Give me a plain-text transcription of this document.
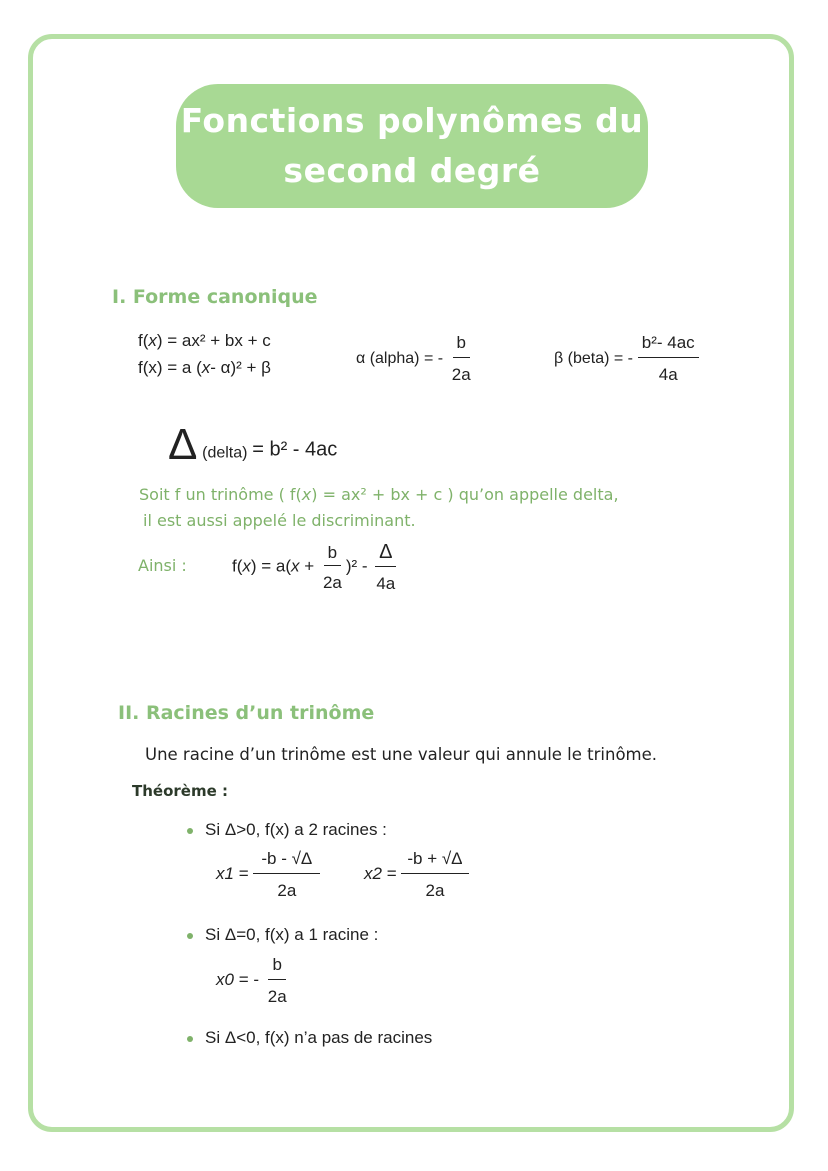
Fonctions polynômes du
second degré
I. Forme canonique
f(x) = ax² + bx + c
f(x) = a (x- α)² + β	α (alpha) = - $\frac{b}{2a}$	β (beta) = - $\frac{\text{b²- 4ac}}{4a}$
Δ (delta) = b² - 4ac
Soit f un trinôme ( f(x) = ax² + bx + c ) qu’on appelle delta,
il est aussi appelé le discriminant.
Ainsi :	$f(x) = a(x + \frac{b}{2a} )^2 - \frac{\Delta}{4a}$
II. Racines d’un trinôme
Une racine d’un trinôme est une valeur qui annule le trinôme.
Théorème :
Si Δ>0, f(x) a 2 racines :
$x1 = \frac{-b - √\Delta}{2a}$	$x2 = \frac{-b + √\Delta}{2a}$
Si Δ=0, f(x) a 1 racine :
x0 = - $\frac{b}{2a}$
Si Δ<0, f(x) n’a pas de racines
